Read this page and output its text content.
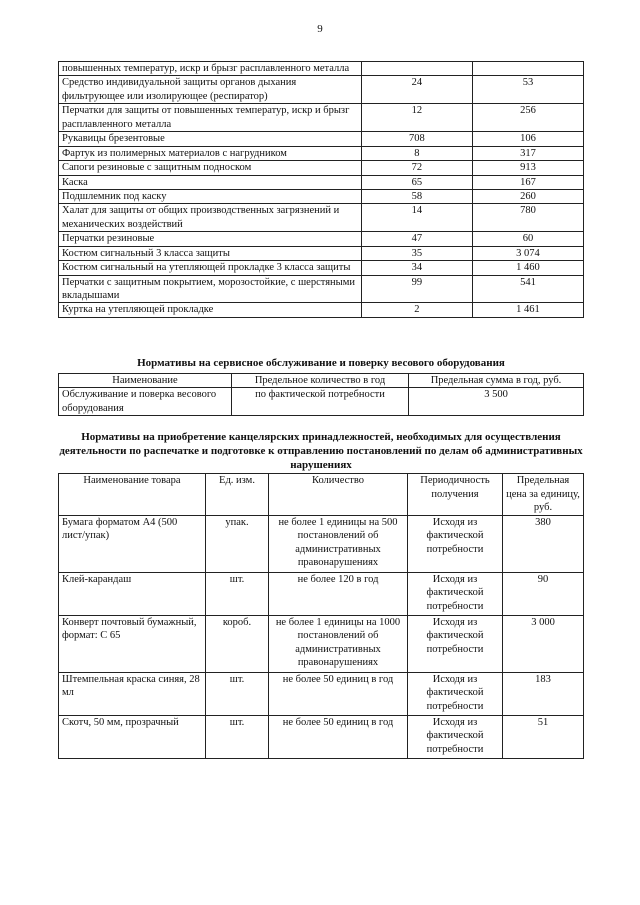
9
повышенных температур, искр и брызг расплавленного металла		
Средство индивидуальной защиты органов дыхания фильтрующее или изолирующее (респиратор)	24	53
Перчатки для защиты от повышенных температур, искр и брызг расплавленного металла	12	256
Рукавицы брезентовые	708	106
Фартук из полимерных материалов с нагрудником	8	317
Сапоги резиновые с защитным подноском	72	913
Каска	65	167
Подшлемник под каску	58	260
Халат для защиты от общих производственных загрязнений и механических воздействий	14	780
Перчатки резиновые	47	60
Костюм сигнальный 3 класса защиты	35	3 074
Костюм сигнальный на утепляющей прокладке 3 класса защиты	34	1 460
Перчатки с защитным покрытием, морозостойкие, с шерстяными вкладышами	99	541
Куртка на утепляющей прокладке	2	1 461
Нормативы на сервисное обслуживание и поверку весового оборудования
Наименование	Предельное количество в год	Предельная сумма в год, руб.
Обслуживание и поверка весового оборудования	по фактической потребности	3 500
Нормативы на приобретение канцелярских принадлежностей, необходимых для осуществления деятельности по распечатке и подготовке к отправлению постановлений по делам об административных нарушениях
Наименование товара	Ед. изм.	Количество	Периодичность получения	Предельная цена за единицу, руб.
Бумага форматом А4 (500 лист/упак)	упак.	не более 1 единицы на 500 постановлений об административных правонарушениях	Исходя из фактической потребности	380
Клей-карандаш	шт.	не более 120 в год	Исходя из фактической потребности	90
Конверт почтовый бумажный, формат: С 65	короб.	не более 1 единицы на 1000 постановлений об административных правонарушениях	Исходя из фактической потребности	3 000
Штемпельная краска синяя, 28 мл	шт.	не более 50 единиц в год	Исходя из фактической потребности	183
Скотч, 50 мм, прозрачный	шт.	не более 50 единиц в год	Исходя из фактической потребности	51
